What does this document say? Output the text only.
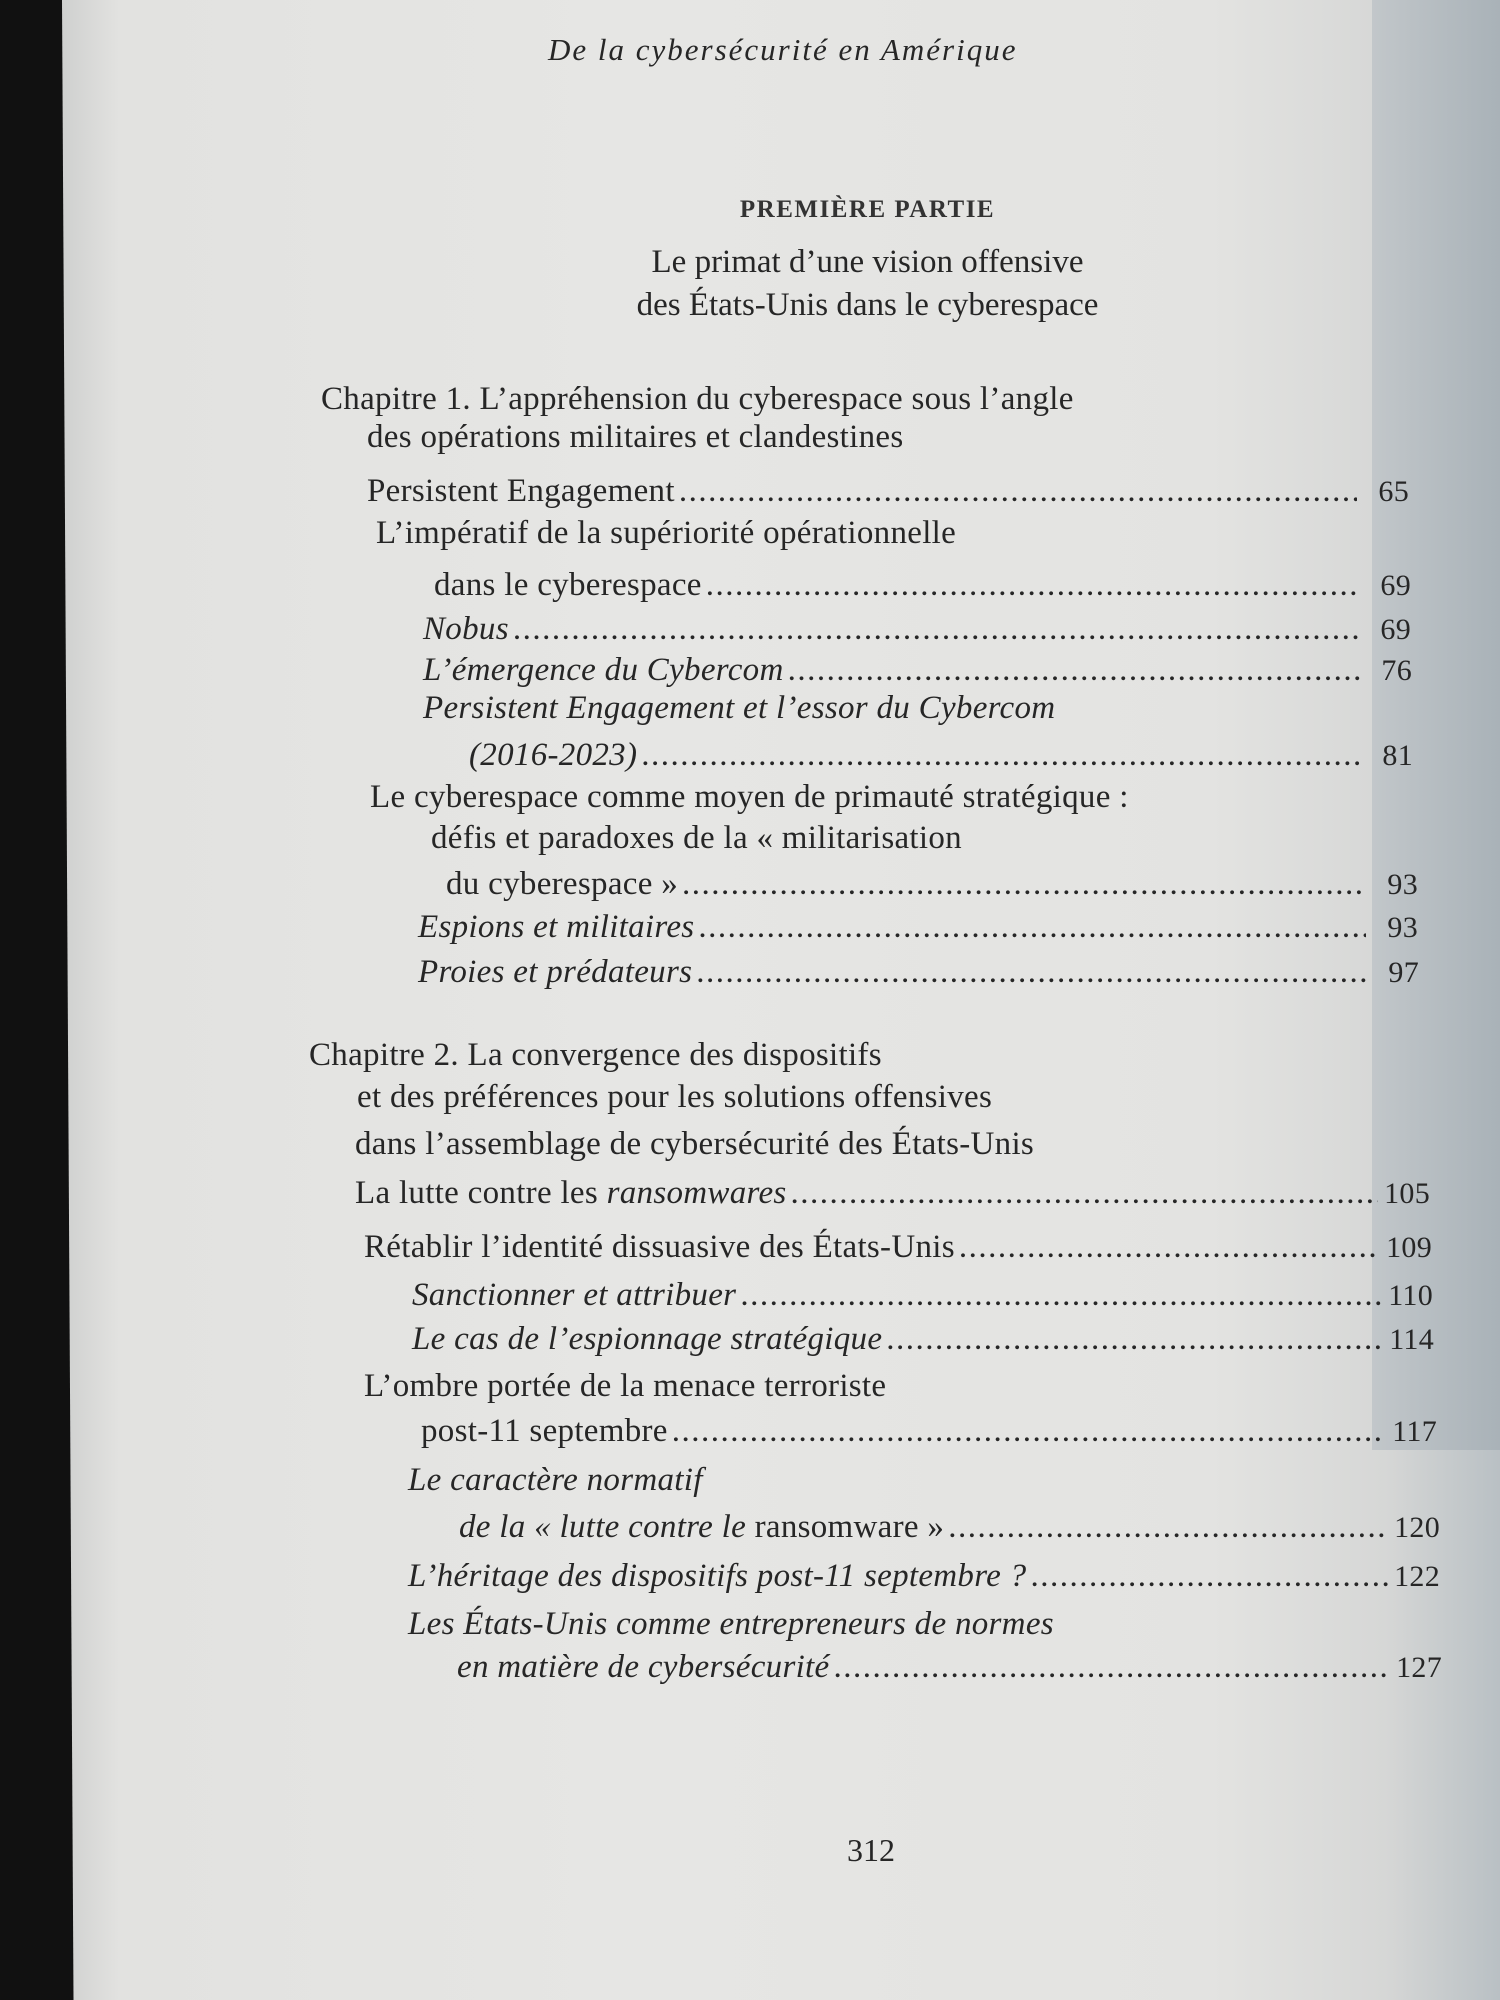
De la cybersécurité en Amérique
PREMIÈRE PARTIE
Le primat d’une vision offensive
des États-Unis dans le cyberespace
Chapitre 1. L’appréhension du cyberespace sous l’angle
des opérations militaires et clandestines
Persistent Engagement .....	65
L’impératif de la supériorité opérationnelle
dans le cyberespace .....	69
Nobus .....	69
L’émergence du Cybercom .....	76
Persistent Engagement et l’essor du Cybercom
(2016-2023) .....	81
Le cyberespace comme moyen de primauté stratégique :
défis et paradoxes de la « militarisation
du cyberespace » .....	93
Espions et militaires .....	93
Proies et prédateurs .....	97
Chapitre 2. La convergence des dispositifs
et des préférences pour les solutions offensives
dans l’assemblage de cybersécurité des États-Unis
La lutte contre les
ransomwares .....	105
Rétablir l’identité dissuasive des États-Unis .....	109
Sanctionner et attribuer .....	110
Le cas de l’espionnage stratégique .....	114
L’ombre portée de la menace terroriste
post-11 septembre .....	117
Le caractère normatif
de la « lutte contre le
ransomware » .....	120
L’héritage des dispositifs post-11 septembre ? .....	122
Les États-Unis comme entrepreneurs de normes
en matière de cybersécurité .....	127
312
